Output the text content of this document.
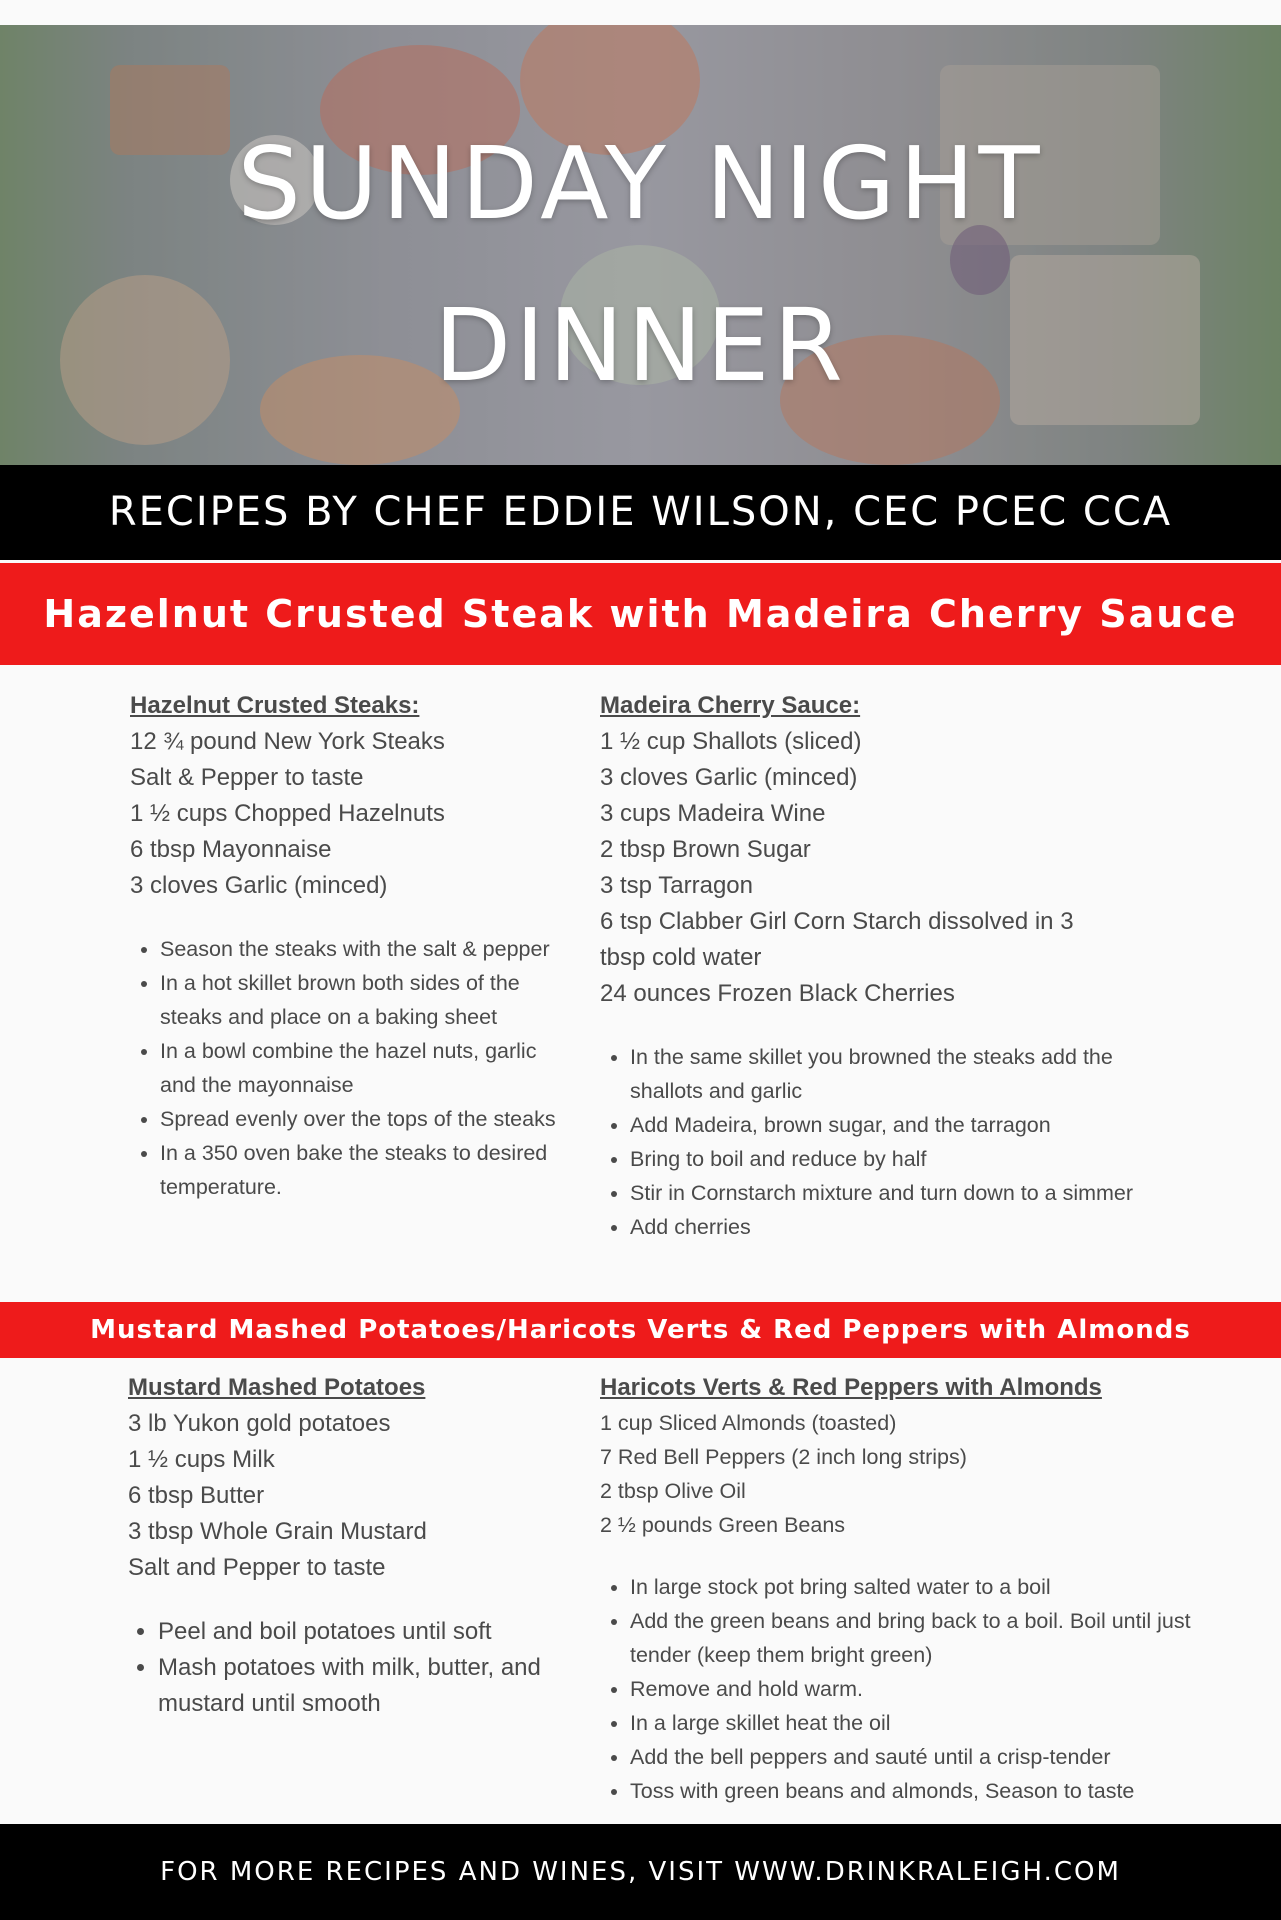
SUNDAY NIGHT
DINNER
RECIPES BY CHEF EDDIE WILSON, CEC PCEC CCA
Hazelnut Crusted Steak with Madeira Cherry Sauce
Hazelnut Crusted Steaks:
12 ¾ pound New York Steaks
Salt & Pepper to taste
1 ½ cups Chopped Hazelnuts
6 tbsp Mayonnaise
3 cloves Garlic (minced)
• Season the steaks with the salt & pepper
• In a hot skillet brown both sides of the steaks and place on a baking sheet
• In a bowl combine the hazel nuts, garlic and the mayonnaise
• Spread evenly over the tops of the steaks
• In a 350 oven bake the steaks to desired temperature.
Madeira Cherry Sauce:
1 ½ cup Shallots (sliced)
3 cloves Garlic (minced)
3 cups Madeira Wine
2 tbsp Brown Sugar
3 tsp Tarragon
6 tsp Clabber Girl Corn Starch dissolved in 3 tbsp cold water
24 ounces Frozen Black Cherries
• In the same skillet you browned the steaks add the shallots and garlic
• Add Madeira, brown sugar, and the tarragon
• Bring to boil and reduce by half
• Stir in Cornstarch mixture and turn down to a simmer
• Add cherries
Mustard Mashed Potatoes/Haricots Verts & Red Peppers with Almonds
Mustard Mashed Potatoes
3 lb Yukon gold potatoes
1 ½ cups Milk
6 tbsp Butter
3 tbsp Whole Grain Mustard
Salt and Pepper to taste
• Peel and boil potatoes until soft
• Mash potatoes with milk, butter, and mustard until smooth
Haricots Verts & Red Peppers with Almonds
1 cup Sliced Almonds (toasted)
7 Red Bell Peppers (2 inch long strips)
2 tbsp Olive Oil
2 ½ pounds Green Beans
• In large stock pot bring salted water to a boil
• Add the green beans and bring back to a boil. Boil until just tender (keep them bright green)
• Remove and hold warm.
• In a large skillet heat the oil
• Add the bell peppers and sauté until a crisp-tender
• Toss with green beans and almonds, Season to taste
FOR MORE RECIPES AND WINES, VISIT WWW.DRINKRALEIGH.COM
